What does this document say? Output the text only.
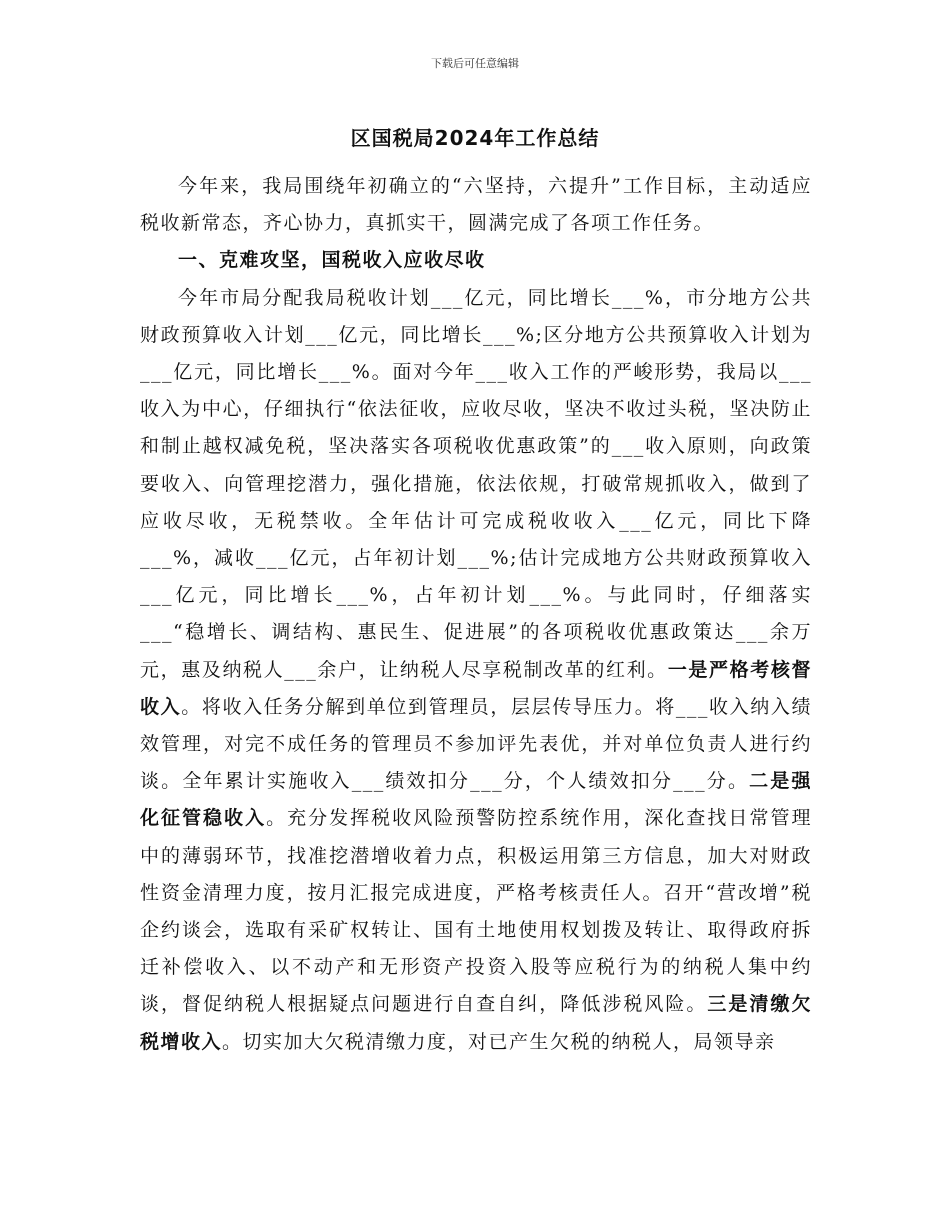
下载后可任意编辑
区国税局2024年工作总结

今年来，我局围绕年初确立的“六坚持，六提升”工作目标，主动适应税收新常态，齐心协力，真抓实干，圆满完成了各项工作任务。

一、克难攻坚，国税收入应收尽收

今年市局分配我局税收计划___亿元，同比增长___%，市分地方公共财政预算收入计划___亿元，同比增长___%;区分地方公共预算收入计划为___亿元，同比增长___%。面对今年___收入工作的严峻形势，我局以___收入为中心，仔细执行“依法征收，应收尽收，坚决不收过头税，坚决防止和制止越权减免税，坚决落实各项税收优惠政策”的___收入原则，向政策要收入、向管理挖潜力，强化措施，依法依规，打破常规抓收入，做到了应收尽收，无税禁收。全年估计可完成税收收入___亿元，同比下降___%，减收___亿元，占年初计划___%;估计完成地方公共财政预算收入___亿元，同比增长___%，占年初计划___%。与此同时，仔细落实___“稳增长、调结构、惠民生、促进展”的各项税收优惠政策达___余万元，惠及纳税人___余户，让纳税人尽享税制改革的红利。一是严格考核督收入。将收入任务分解到单位到管理员，层层传导压力。将___收入纳入绩效管理，对完不成任务的管理员不参加评先表优，并对单位负责人进行约谈。全年累计实施收入___绩效扣分___分，个人绩效扣分___分。二是强化征管稳收入。充分发挥税收风险预警防控系统作用，深化查找日常管理中的薄弱环节，找准挖潜增收着力点，积极运用第三方信息，加大对财政性资金清理力度，按月汇报完成进度，严格考核责任人。召开“营改增”税企约谈会，选取有采矿权转让、国有土地使用权划拨及转让、取得政府拆迁补偿收入、以不动产和无形资产投资入股等应税行为的纳税人集中约谈，督促纳税人根据疑点问题进行自查自纠，降低涉税风险。三是清缴欠税增收入。切实加大欠税清缴力度，对已产生欠税的纳税人，局领导亲
